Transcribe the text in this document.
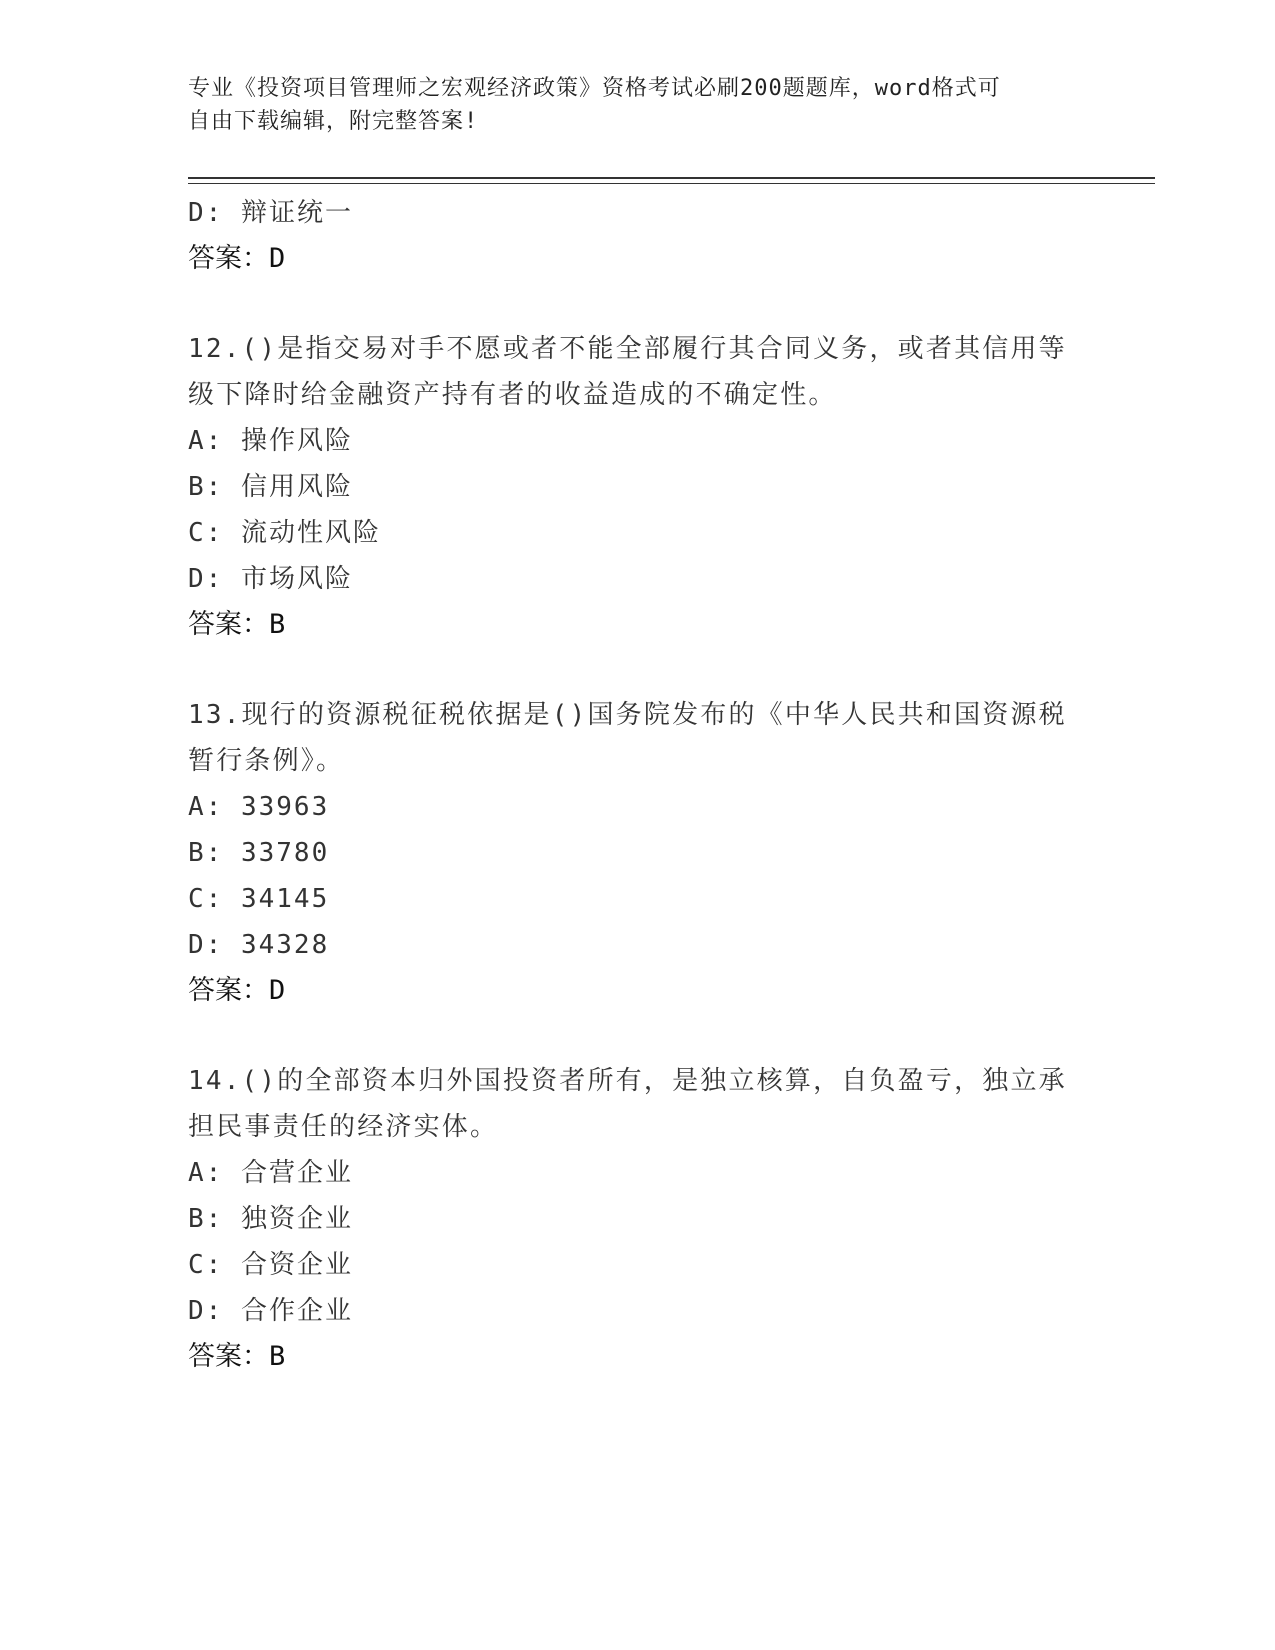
专业《投资项目管理师之宏观经济政策》资格考试必刷200题题库，word格式可
自由下载编辑，附完整答案!
D: 辩证统一
答案：D
12.()是指交易对手不愿或者不能全部履行其合同义务，或者其信用等
级下降时给金融资产持有者的收益造成的不确定性。
A: 操作风险
B: 信用风险
C: 流动性风险
D: 市场风险
答案：B
13.现行的资源税征税依据是()国务院发布的《中华人民共和国资源税
暂行条例》。
A: 33963
B: 33780
C: 34145
D: 34328
答案：D
14.()的全部资本归外国投资者所有，是独立核算，自负盈亏，独立承
担民事责任的经济实体。
A: 合营企业
B: 独资企业
C: 合资企业
D: 合作企业
答案：B
